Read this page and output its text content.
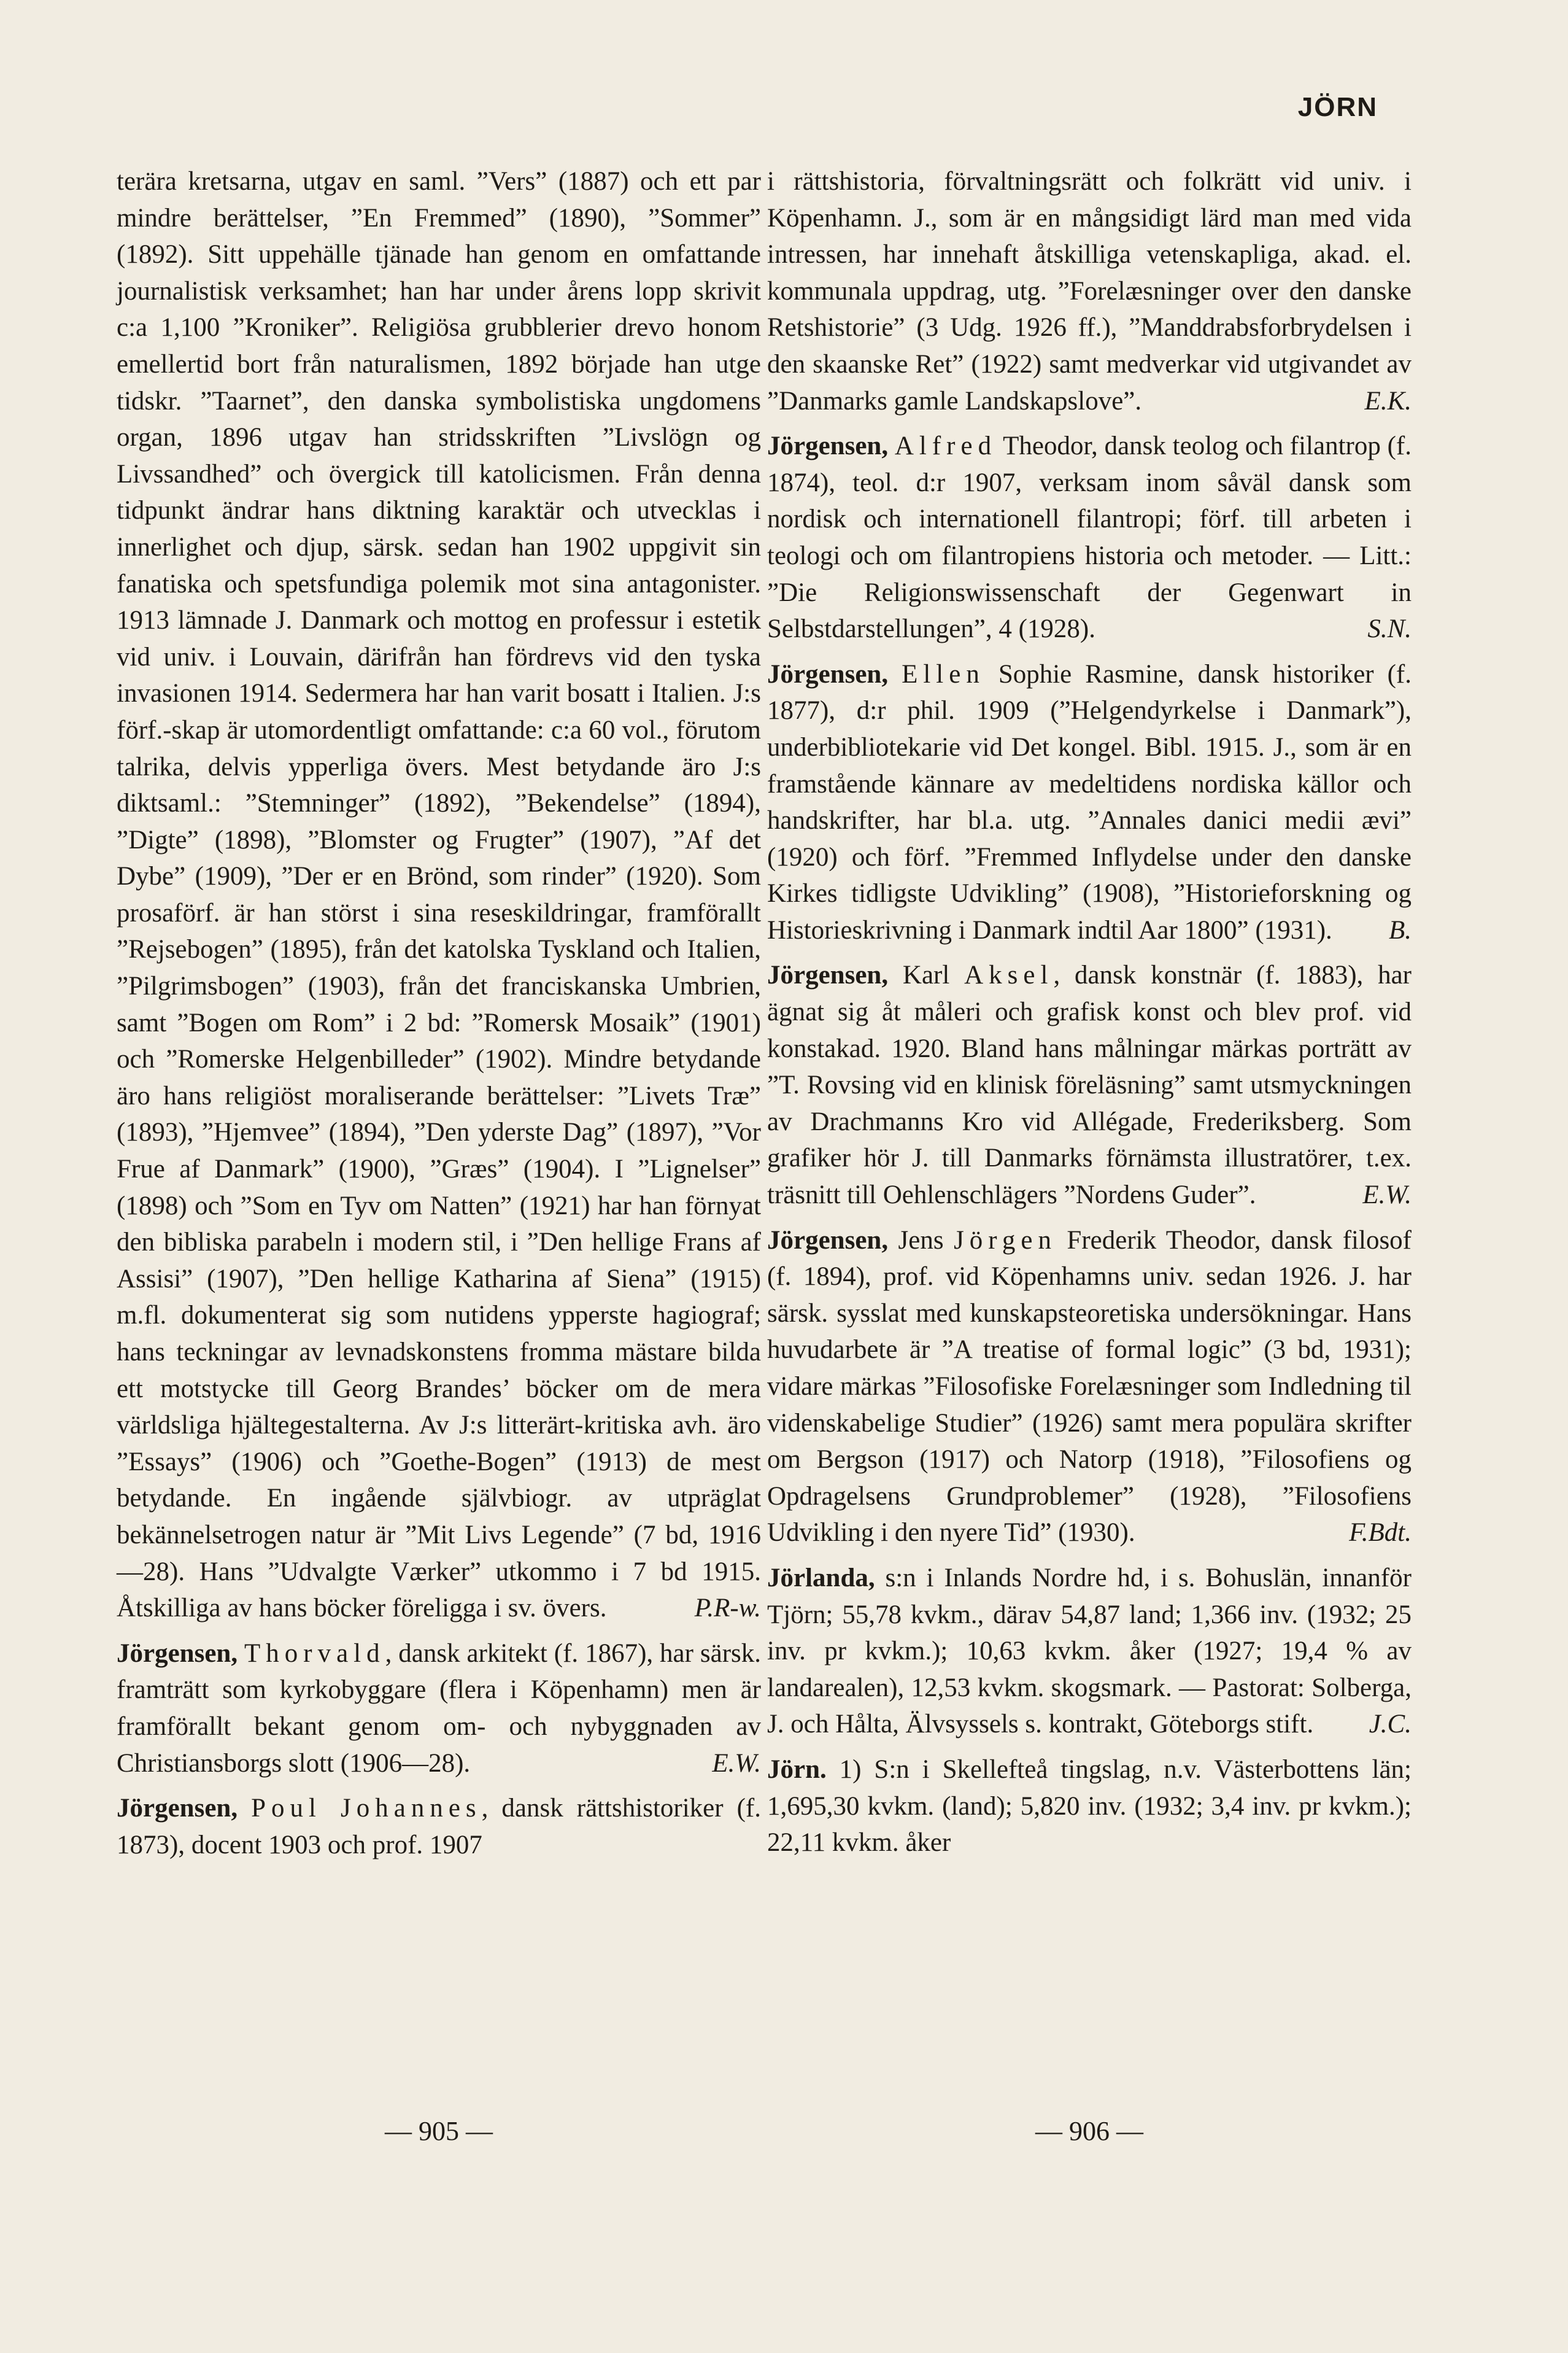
JÖRN

terära kretsarna, utgav en saml. ”Vers” (1887) och ett par mindre berättelser, ”En Fremmed” (1890), ”Sommer” (1892). Sitt uppehälle tjänade han genom en omfattande journalistisk verksamhet; han har under årens lopp skrivit c:a 1,100 ”Kroniker”. Religiösa grubblerier drevo honom emellertid bort från naturalismen, 1892 började han utge tidskr. ”Taarnet”, den danska symbolistiska ungdomens organ, 1896 utgav han stridsskriften ”Livslögn og Livssandhed” och övergick till katolicismen. Från denna tidpunkt ändrar hans diktning karaktär och utvecklas i innerlighet och djup, särsk. sedan han 1902 uppgivit sin fanatiska och spetsfundiga polemik mot sina antagonister. 1913 lämnade J. Danmark och mottog en professur i estetik vid univ. i Louvain, därifrån han fördrevs vid den tyska invasionen 1914. Sedermera har han varit bosatt i Italien. J:s förf.-skap är utomordentligt omfattande: c:a 60 vol., förutom talrika, delvis ypperliga övers. Mest betydande äro J:s diktsaml.: ”Stemninger” (1892), ”Bekendelse” (1894), ”Digte” (1898), ”Blomster og Frugter” (1907), ”Af det Dybe” (1909), ”Der er en Brönd, som rinder” (1920). Som prosaförf. är han störst i sina reseskildringar, framförallt ”Rejsebogen” (1895), från det katolska Tyskland och Italien, ”Pilgrimsbogen” (1903), från det franciskanska Umbrien, samt ”Bogen om Rom” i 2 bd: ”Romersk Mosaik” (1901) och ”Romerske Helgenbilleder” (1902). Mindre betydande äro hans religiöst moraliserande berättelser: ”Livets Træ” (1893), ”Hjemvee” (1894), ”Den yderste Dag” (1897), ”Vor Frue af Danmark” (1900), ”Græs” (1904). I ”Lignelser” (1898) och ”Som en Tyv om Natten” (1921) har han förnyat den bibliska parabeln i modern stil, i ”Den hellige Frans af Assisi” (1907), ”Den hellige Katharina af Siena” (1915) m.fl. dokumenterat sig som nutidens ypperste hagiograf; hans teckningar av levnadskonstens fromma mästare bilda ett motstycke till Georg Brandes’ böcker om de mera världsliga hjältegestalterna. Av J:s litterärt-kritiska avh. äro ”Essays” (1906) och ”Goethe-Bogen” (1913) de mest betydande. En ingående självbiogr. av utpräglat bekännelsetrogen natur är ”Mit Livs Legende” (7 bd, 1916—28). Hans ”Udvalgte Værker” utkommo i 7 bd 1915. Åtskilliga av hans böcker föreligga i sv. övers.	P.R-w.

Jörgensen, Thorvald, dansk arkitekt (f. 1867), har särsk. framträtt som kyrkobyggare (flera i Köpenhamn) men är framförallt bekant genom om- och nybyggnaden av Christiansborgs slott (1906—28).	E.W.

Jörgensen, Poul Johannes, dansk rättshistoriker (f. 1873), docent 1903 och prof. 1907

i rättshistoria, förvaltningsrätt och folkrätt vid univ. i Köpenhamn. J., som är en mångsidigt lärd man med vida intressen, har innehaft åtskilliga vetenskapliga, akad. el. kommunala uppdrag, utg. ”Forelæsninger over den danske Retshistorie” (3 Udg. 1926 ff.), ”Manddrabsforbrydelsen i den skaanske Ret” (1922) samt medverkar vid utgivandet av ”Danmarks gamle Landskapslove”.	E.K.

Jörgensen, Alfred Theodor, dansk teolog och filantrop (f. 1874), teol. d:r 1907, verksam inom såväl dansk som nordisk och internationell filantropi; förf. till arbeten i teologi och om filantropiens historia och metoder. — Litt.: ”Die Religionswissenschaft der Gegenwart in Selbstdarstellungen”, 4 (1928).	S.N.

Jörgensen, Ellen Sophie Rasmine, dansk historiker (f. 1877), d:r phil. 1909 (”Helgendyrkelse i Danmark”), underbibliotekarie vid Det kongel. Bibl. 1915. J., som är en framstående kännare av medeltidens nordiska källor och handskrifter, har bl.a. utg. ”Annales danici medii ævi” (1920) och förf. ”Fremmed Inflydelse under den danske Kirkes tidligste Udvikling” (1908), ”Historieforskning og Historieskrivning i Danmark indtil Aar 1800” (1931).	B.

Jörgensen, Karl Aksel, dansk konstnär (f. 1883), har ägnat sig åt måleri och grafisk konst och blev prof. vid konstakad. 1920. Bland hans målningar märkas porträtt av ”T. Rovsing vid en klinisk föreläsning” samt utsmyckningen av Drachmanns Kro vid Allégade, Frederiksberg. Som grafiker hör J. till Danmarks förnämsta illustratörer, t.ex. träsnitt till Oehlenschlägers ”Nordens Guder”.	E.W.

Jörgensen, Jens Jörgen Frederik Theodor, dansk filosof (f. 1894), prof. vid Köpenhamns univ. sedan 1926. J. har särsk. sysslat med kunskapsteoretiska undersökningar. Hans huvudarbete är ”A treatise of formal logic” (3 bd, 1931); vidare märkas ”Filosofiske Forelæsninger som Indledning til videnskabelige Studier” (1926) samt mera populära skrifter om Bergson (1917) och Natorp (1918), ”Filosofiens og Opdragelsens Grundproblemer” (1928), ”Filosofiens Udvikling i den nyere Tid” (1930).	F.Bdt.

Jörlanda, s:n i Inlands Nordre hd, i s. Bohuslän, innanför Tjörn; 55,78 kvkm., därav 54,87 land; 1,366 inv. (1932; 25 inv. pr kvkm.); 10,63 kvkm. åker (1927; 19,4 % av landarealen), 12,53 kvkm. skogsmark. — Pastorat: Solberga, J. och Hålta, Älvsyssels s. kontrakt, Göteborgs stift.	J.C.

Jörn. 1) S:n i Skellefteå tingslag, n.v. Västerbottens län; 1,695,30 kvkm. (land); 5,820 inv. (1932; 3,4 inv. pr kvkm.); 22,11 kvkm. åker

— 905 —	— 906 —
